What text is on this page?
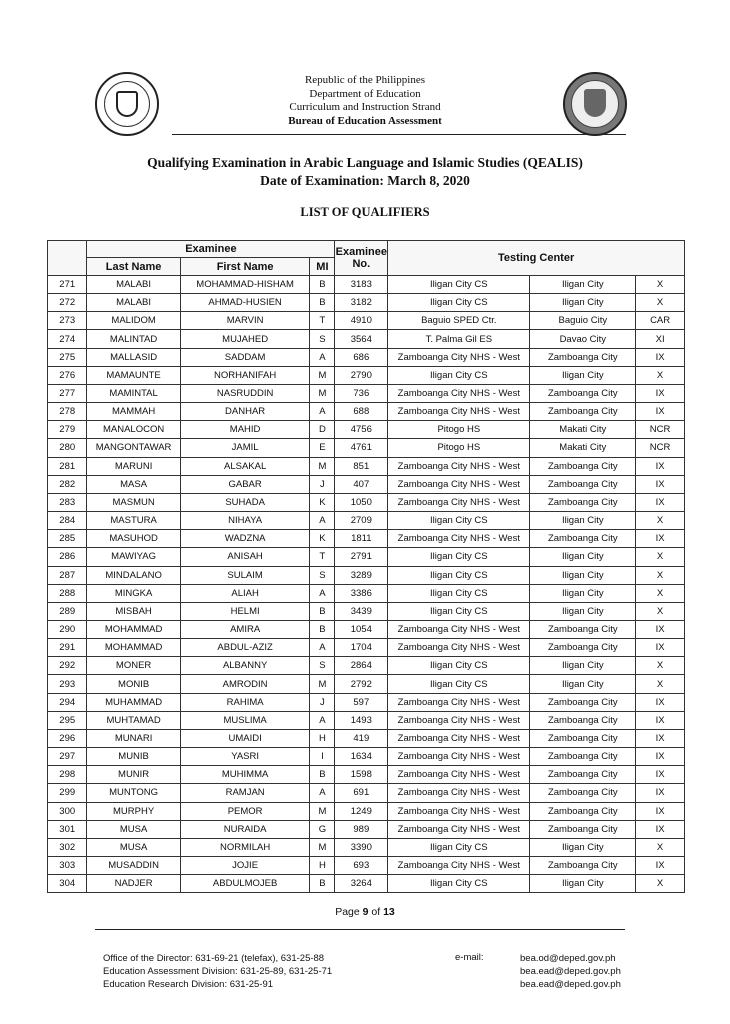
Republic of the Philippines
Department of Education
Curriculum and Instruction Strand
Bureau of Education Assessment
Qualifying Examination in Arabic Language and Islamic Studies (QEALIS)
Date of Examination: March 8, 2020
LIST OF QUALIFIERS
	Examinee			Examinee
No.	Testing Center		
	Last Name	First Name	MI				
271	MALABI	MOHAMMAD-HISHAM	B	3183	Iligan City CS	Iligan City	X
272	MALABI	AHMAD-HUSIEN	B	3182	Iligan City CS	Iligan City	X
273	MALIDOM	MARVIN	T	4910	Baguio SPED Ctr.	Baguio City	CAR
274	MALINTAD	MUJAHED	S	3564	T. Palma Gil ES	Davao City	XI
275	MALLASID	SADDAM	A	686	Zamboanga City NHS - West	Zamboanga City	IX
276	MAMAUNTE	NORHANIFAH	M	2790	Iligan City CS	Iligan City	X
277	MAMINTAL	NASRUDDIN	M	736	Zamboanga City NHS - West	Zamboanga City	IX
278	MAMMAH	DANHAR	A	688	Zamboanga City NHS - West	Zamboanga City	IX
279	MANALOCON	MAHID	D	4756	Pitogo HS	Makati City	NCR
280	MANGONTAWAR	JAMIL	E	4761	Pitogo HS	Makati City	NCR
281	MARUNI	ALSAKAL	M	851	Zamboanga City NHS - West	Zamboanga City	IX
282	MASA	GABAR	J	407	Zamboanga City NHS - West	Zamboanga City	IX
283	MASMUN	SUHADA	K	1050	Zamboanga City NHS - West	Zamboanga City	IX
284	MASTURA	NIHAYA	A	2709	Iligan City CS	Iligan City	X
285	MASUHOD	WADZNA	K	1811	Zamboanga City NHS - West	Zamboanga City	IX
286	MAWIYAG	ANISAH	T	2791	Iligan City CS	Iligan City	X
287	MINDALANO	SULAIM	S	3289	Iligan City CS	Iligan City	X
288	MINGKA	ALIAH	A	3386	Iligan City CS	Iligan City	X
289	MISBAH	HELMI	B	3439	Iligan City CS	Iligan City	X
290	MOHAMMAD	AMIRA	B	1054	Zamboanga City NHS - West	Zamboanga City	IX
291	MOHAMMAD	ABDUL-AZIZ	A	1704	Zamboanga City NHS - West	Zamboanga City	IX
292	MONER	ALBANNY	S	2864	Iligan City CS	Iligan City	X
293	MONIB	AMRODIN	M	2792	Iligan City CS	Iligan City	X
294	MUHAMMAD	RAHIMA	J	597	Zamboanga City NHS - West	Zamboanga City	IX
295	MUHTAMAD	MUSLIMA	A	1493	Zamboanga City NHS - West	Zamboanga City	IX
296	MUNARI	UMAIDI	H	419	Zamboanga City NHS - West	Zamboanga City	IX
297	MUNIB	YASRI	I	1634	Zamboanga City NHS - West	Zamboanga City	IX
298	MUNIR	MUHIMMA	B	1598	Zamboanga City NHS - West	Zamboanga City	IX
299	MUNTONG	RAMJAN	A	691	Zamboanga City NHS - West	Zamboanga City	IX
300	MURPHY	PEMOR	M	1249	Zamboanga City NHS - West	Zamboanga City	IX
301	MUSA	NURAIDA	G	989	Zamboanga City NHS - West	Zamboanga City	IX
302	MUSA	NORMILAH	M	3390	Iligan City CS	Iligan City	X
303	MUSADDIN	JOJIE	H	693	Zamboanga City NHS - West	Zamboanga City	IX
304	NADJER	ABDULMOJEB	B	3264	Iligan City CS	Iligan City	X
Page 9 of 13
Office of the Director: 631-69-21 (telefax), 631-25-88
Education Assessment Division: 631-25-89, 631-25-71
Education Research Division: 631-25-91
e-mail:	bea.od@deped.gov.ph
bea.ead@deped.gov.ph
bea.ead@deped.gov.ph
